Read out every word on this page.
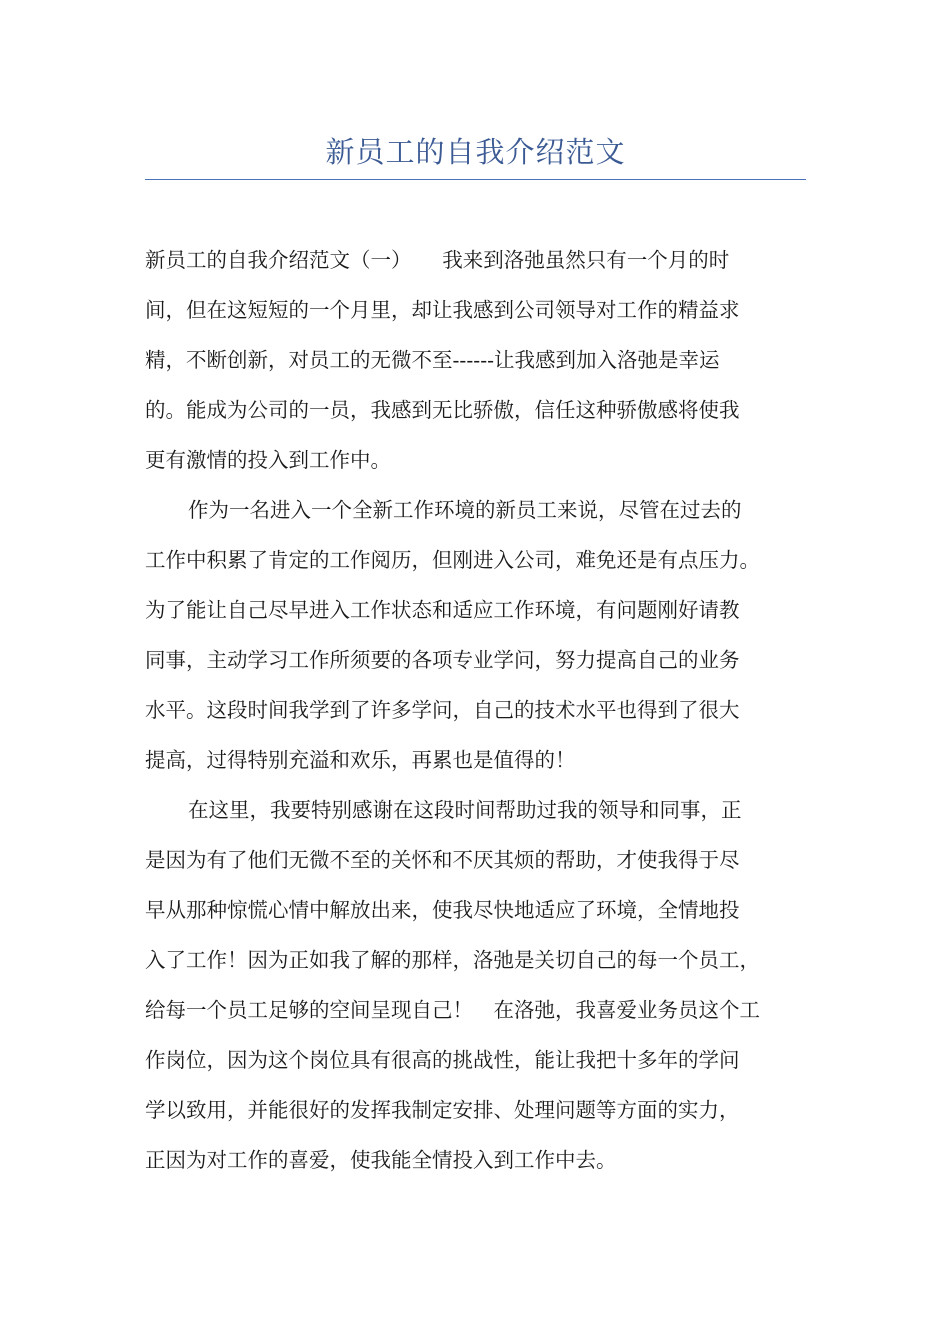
新员工的自我介绍范文
新员工的自我介绍范文（一）　　我来到洛弛虽然只有一个月的时
间，但在这短短的一个月里，却让我感到公司领导对工作的精益求
精，不断创新，对员工的无微不至------让我感到加入洛弛是幸运
的。能成为公司的一员，我感到无比骄傲，信任这种骄傲感将使我
更有激情的投入到工作中。
作为一名进入一个全新工作环境的新员工来说，尽管在过去的
工作中积累了肯定的工作阅历，但刚进入公司，难免还是有点压力。
为了能让自己尽早进入工作状态和适应工作环境，有问题刚好请教
同事，主动学习工作所须要的各项专业学问，努力提高自己的业务
水平。这段时间我学到了许多学问，自己的技术水平也得到了很大
提高，过得特别充溢和欢乐，再累也是值得的！
在这里，我要特别感谢在这段时间帮助过我的领导和同事，正
是因为有了他们无微不至的关怀和不厌其烦的帮助，才使我得于尽
早从那种惊慌心情中解放出来，使我尽快地适应了环境，全情地投
入了工作！因为正如我了解的那样，洛弛是关切自己的每一个员工，
给每一个员工足够的空间呈现自己！　在洛弛，我喜爱业务员这个工
作岗位，因为这个岗位具有很高的挑战性，能让我把十多年的学问
学以致用，并能很好的发挥我制定安排、处理问题等方面的实力，
正因为对工作的喜爱，使我能全情投入到工作中去。
